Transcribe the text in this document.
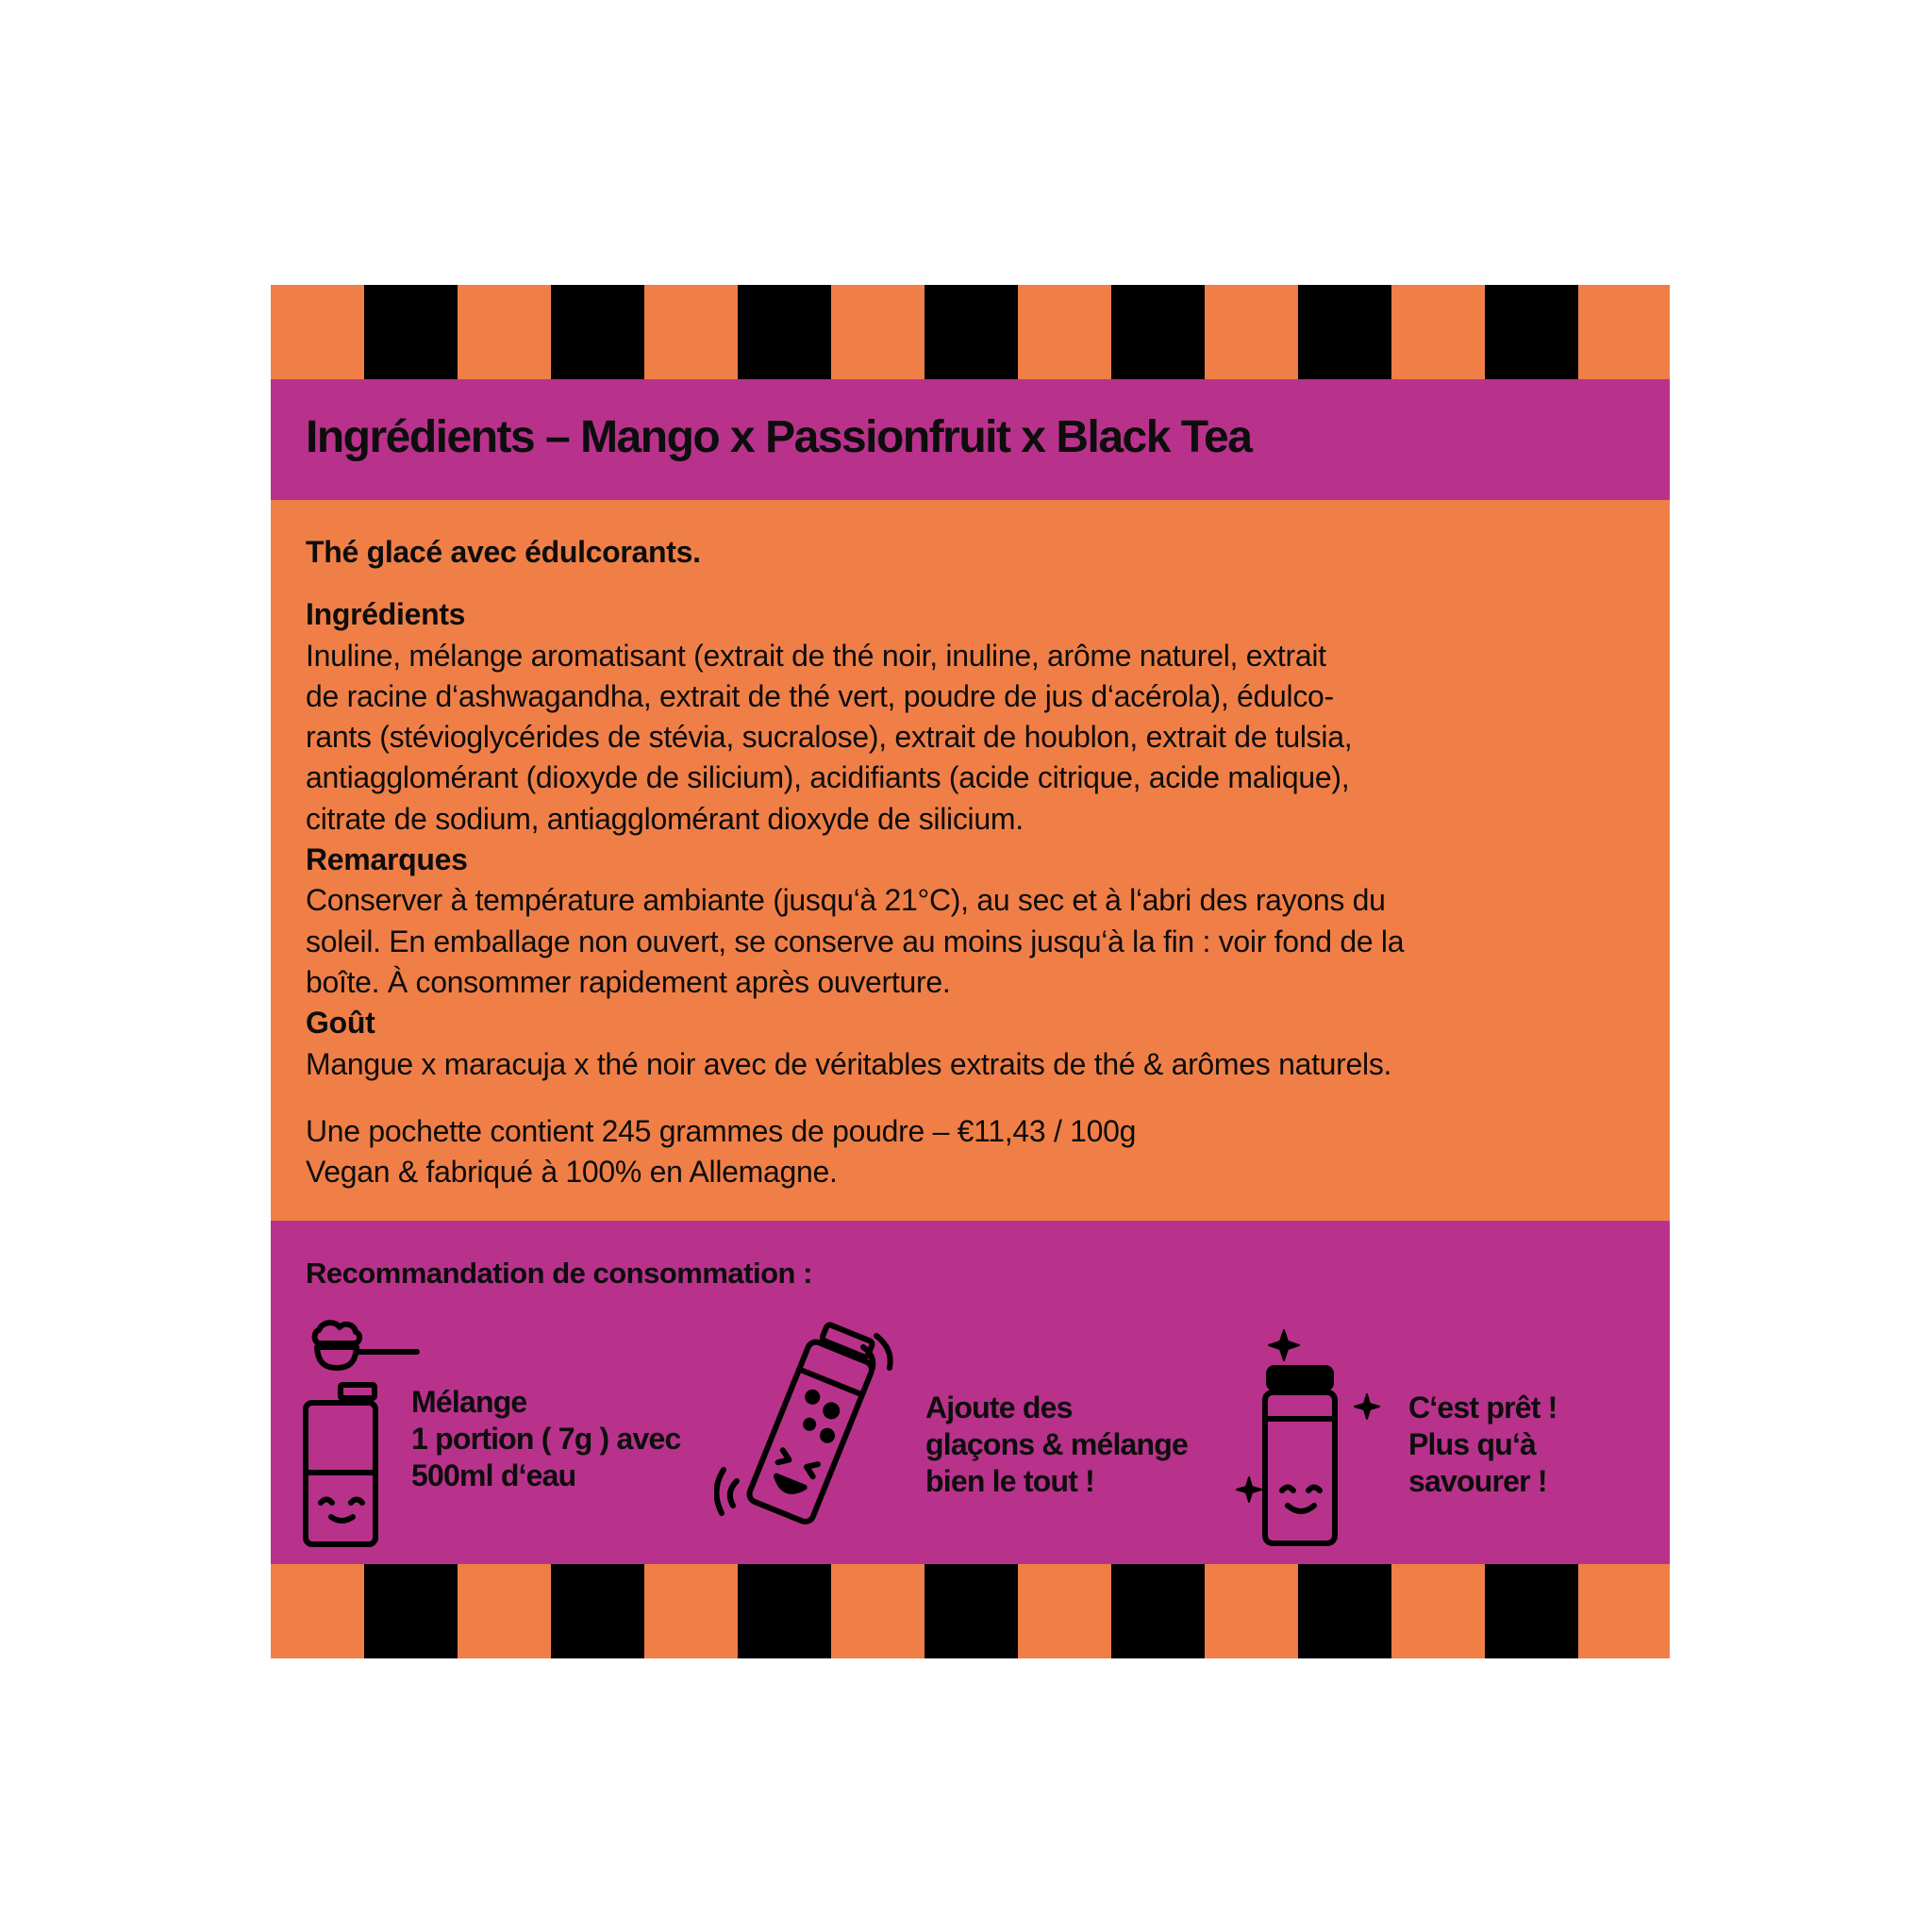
Ingrédients – Mango x Passionfruit x Black Tea

Thé glacé avec édulcorants.

Ingrédients

Inuline, mélange aromatisant (extrait de thé noir, inuline, arôme naturel, extrait

de racine d‘ashwagandha, extrait de thé vert, poudre de jus d‘acérola), édulco-

rants (stévioglycérides de stévia, sucralose), extrait de houblon, extrait de tulsia,

antiagglomérant (dioxyde de silicium), acidifiants (acide citrique, acide malique),

citrate de sodium, antiagglomérant dioxyde de silicium.

Remarques

Conserver à température ambiante (jusqu‘à 21°C), au sec et à l‘abri des rayons du

soleil. En emballage non ouvert, se conserve au moins jusqu‘à la fin : voir fond de la

boîte. À consommer rapidement après ouverture.

Goût

Mangue x maracuja x thé noir avec de véritables extraits de thé & arômes naturels.

Une pochette contient 245 grammes de poudre – €11,43 / 100g

Vegan & fabriqué à 100% en Allemagne.

Recommandation de consommation :
Mélange
1 portion ( 7g ) avec
500ml d‘eau
Ajoute des
glaçons & mélange
bien le tout !
C‘est prêt !
Plus qu‘à
savourer !
